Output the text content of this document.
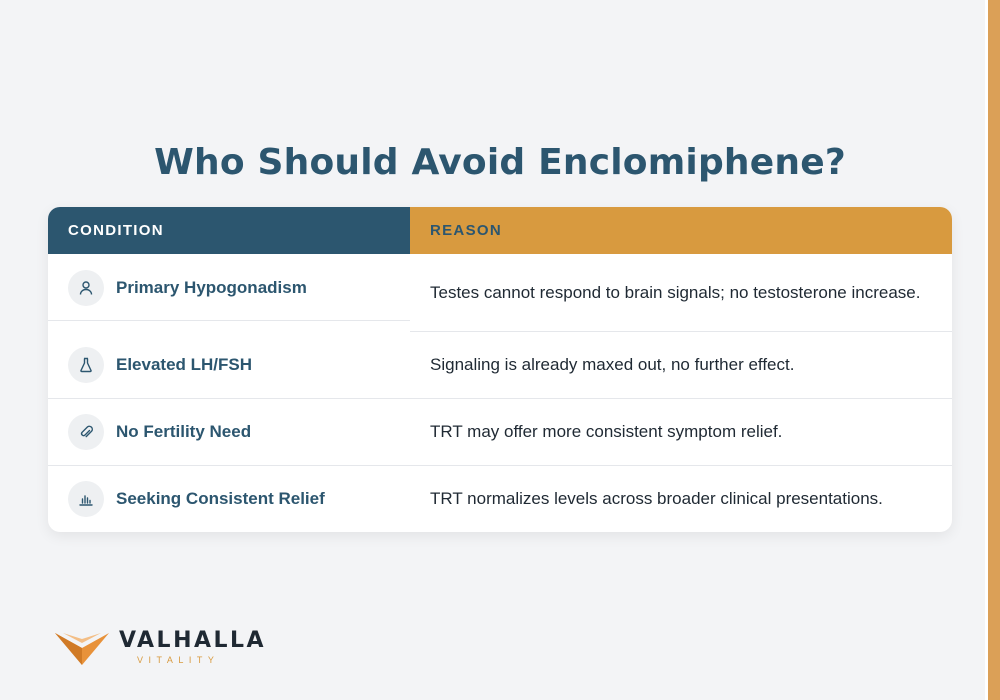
Who Should Avoid Enclomiphene?
CONDITION	REASON
Primary Hypogonadism	Testes cannot respond to brain signals; no testosterone increase.
Elevated LH/FSH	Signaling is already maxed out, no further effect.
No Fertility Need	TRT may offer more consistent symptom relief.
Seeking Consistent Relief	TRT normalizes levels across broader clinical presentations.
VALHALLA
VITALITY
